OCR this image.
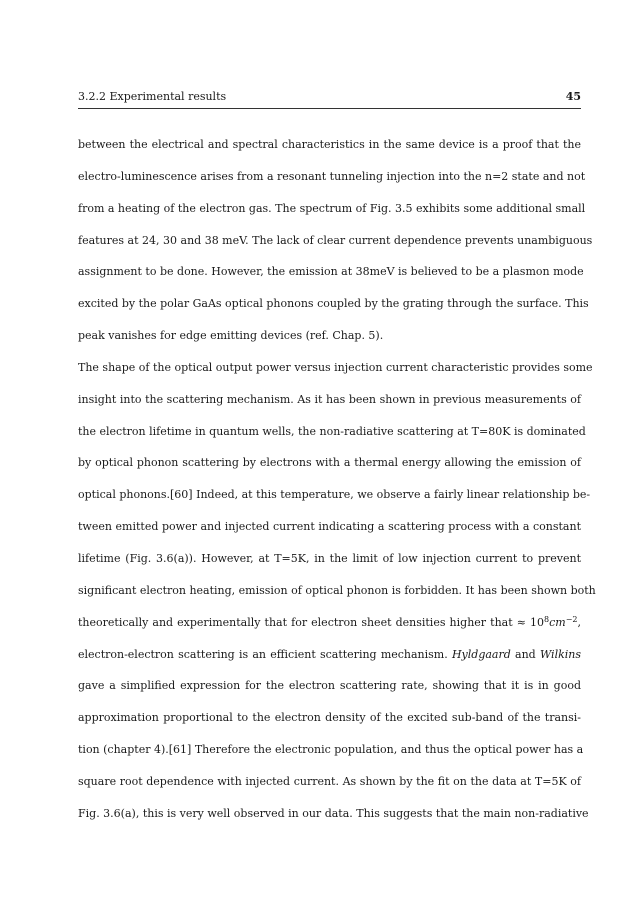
3.2.2 Experimental results	45
between the electrical and spectral characteristics in the same device is a proof that the
electro-luminescence arises from a resonant tunneling injection into the n=2 state and not
from a heating of the electron gas. The spectrum of Fig. 3.5 exhibits some additional small
features at 24, 30 and 38 meV. The lack of clear current dependence prevents unambiguous
assignment to be done. However, the emission at 38meV is believed to be a plasmon mode
excited by the polar GaAs optical phonons coupled by the grating through the surface. This
peak vanishes for edge emitting devices (ref. Chap. 5).
The shape of the optical output power versus injection current characteristic provides some
insight into the scattering mechanism. As it has been shown in previous measurements of
the electron lifetime in quantum wells, the non-radiative scattering at T=80K is dominated
by optical phonon scattering by electrons with a thermal energy allowing the emission of
optical phonons.[60] Indeed, at this temperature, we observe a fairly linear relationship be-
tween emitted power and injected current indicating a scattering process with a constant
lifetime (Fig. 3.6(a)). However, at T=5K, in the limit of low injection current to prevent
significant electron heating, emission of optical phonon is forbidden. It has been shown both
theoretically and experimentally that for electron sheet densities higher that ≈ $10^8cm^{-2}$,
electron-electron scattering is an efficient scattering mechanism. Hyldgaard and Wilkins
gave a simplified expression for the electron scattering rate, showing that it is in good
approximation proportional to the electron density of the excited sub-band of the transi-
tion (chapter 4).[61] Therefore the electronic population, and thus the optical power has a
square root dependence with injected current. As shown by the fit on the data at T=5K of
Fig. 3.6(a), this is very well observed in our data. This suggests that the main non-radiative
